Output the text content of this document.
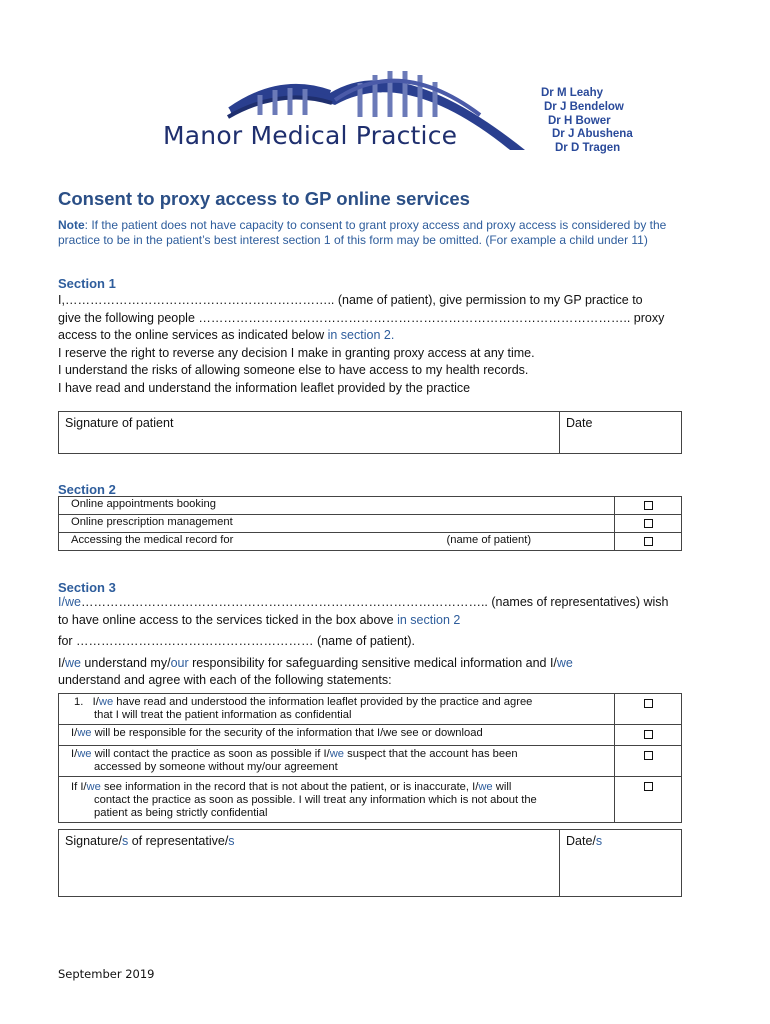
Manor Medical Practice
Dr M Leahy
Dr J Bendelow
Dr H Bower
Dr J Abushena
Dr D Tragen
Consent to proxy access to GP online services
Note: If the patient does not have capacity to consent to grant proxy access and proxy access is considered by the practice to be in the patient’s best interest section 1 of this form may be omitted. (For example a child under 11)
Section 1
I,……………………………………………………….. (name of patient), give permission to my GP practice to
give the following people ………………………………………………………………………………………….. proxy
access to the online services as indicated below in section 2.
I reserve the right to reverse any decision I make in granting proxy access at any time.
I understand the risks of allowing someone else to have access to my health records.
I have read and understand the information leaflet provided by the practice
Signature of patient	Date
Section 2
Online appointments booking	
Online prescription management	
Accessing the medical record for (name of patient)	

Section 3
I/we…………………………………………………………………………………….. (names of representatives) wish
to have online access to the services ticked in the box above in section 2
for ………………………………………………… (name of patient).
I/we understand my/our responsibility for safeguarding sensitive medical information and I/we
understand and agree with each of the following statements:
1. I/we have read and understood the information leaflet provided by the practice and agree
that I will treat the patient information as confidential	

I/we will be responsible for the security of the information that I/we see or download	

I/we will contact the practice as soon as possible if I/we suspect that the account has been
accessed by someone without my/our agreement	

If I/we see information in the record that is not about the patient, or is inaccurate, I/we will
contact the practice as soon as possible. I will treat any information which is not about the
patient as being strictly confidential	

Signature/s of representative/s	Date/s
September 2019
